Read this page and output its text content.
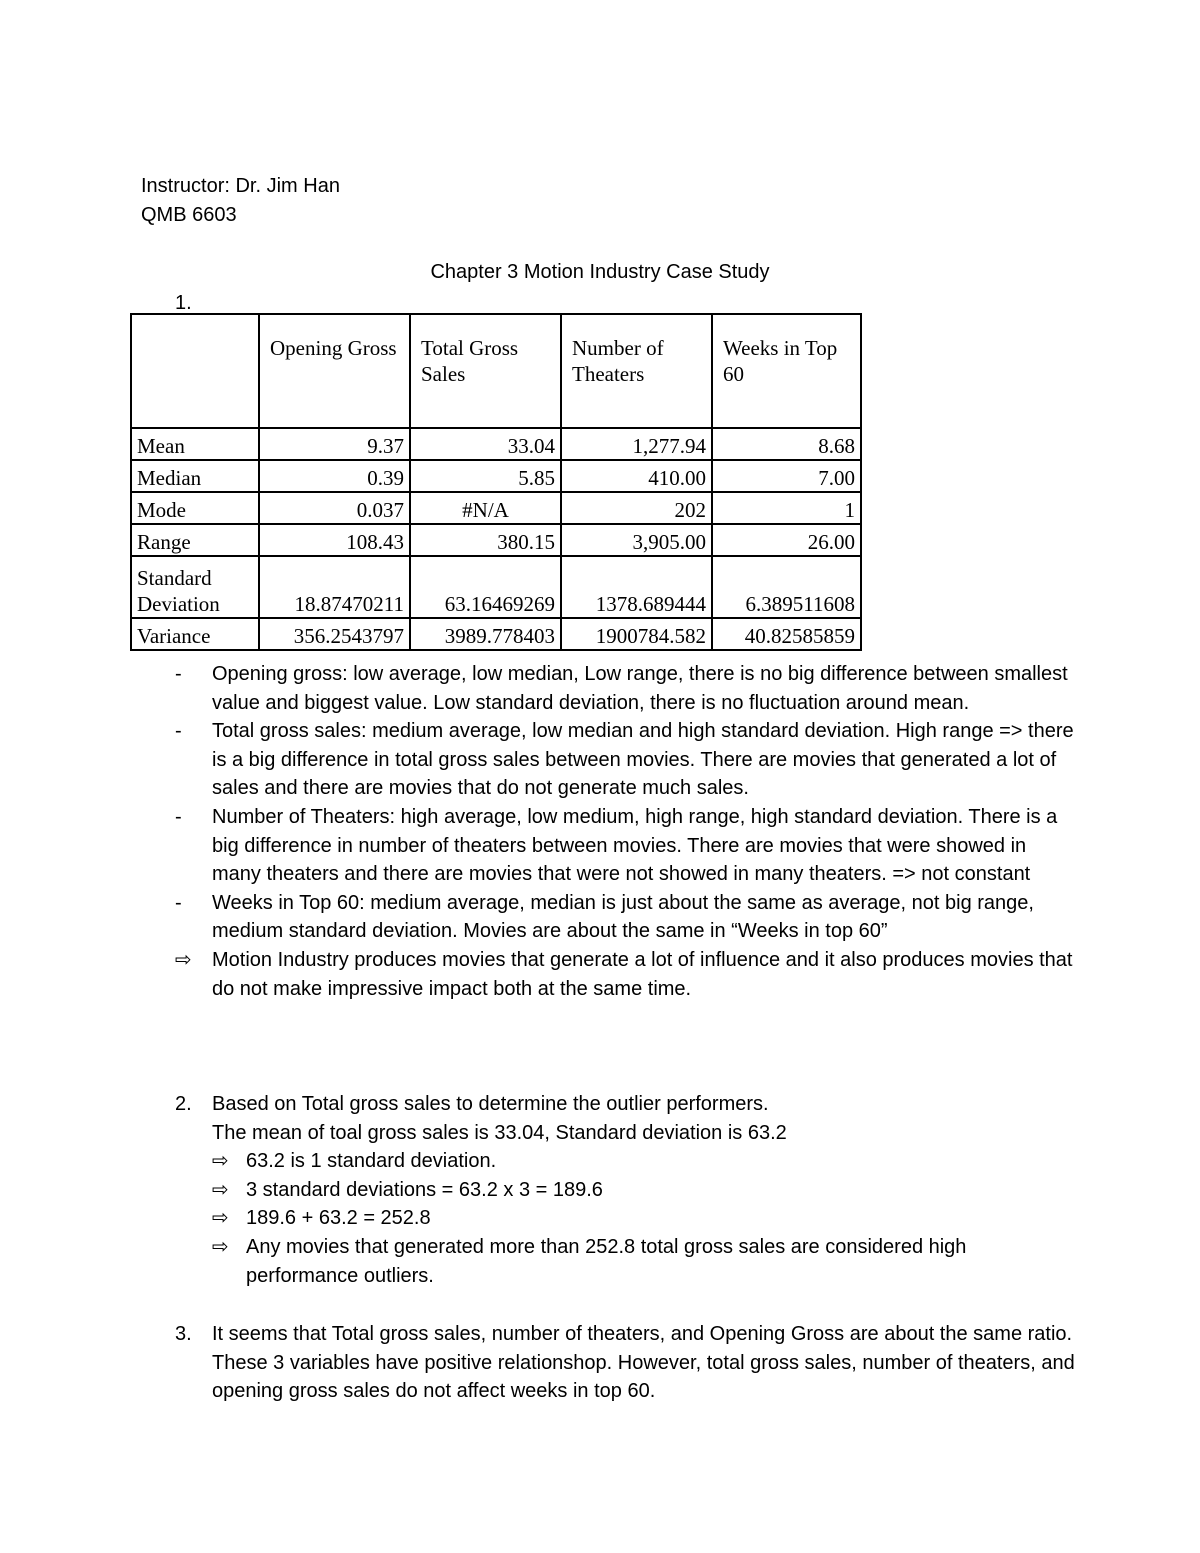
Instructor: Dr. Jim Han
QMB 6603
Chapter 3 Motion Industry Case Study
1.
	Opening Gross	Total Gross Sales	Number of Theaters	Weeks in Top 60
Mean	9.37	33.04	1,277.94	8.68
Median	0.39	5.85	410.00	7.00
Mode	0.037	#N/A	202	1
Range	108.43	380.15	3,905.00	26.00
Standard Deviation	18.87470211	63.16469269	1378.689444	6.389511608
Variance	356.2543797	3989.778403	1900784.582	40.82585859
- Opening gross: low average, low median, Low range, there is no big difference between smallest value and biggest value. Low standard deviation, there is no fluctuation around mean.
- Total gross sales: medium average, low median and high standard deviation. High range => there is a big difference in total gross sales between movies. There are movies that generated a lot of sales and there are movies that do not generate much sales.
- Number of Theaters: high average, low medium, high range, high standard deviation. There is a big difference in number of theaters between movies. There are movies that were showed in many theaters and there are movies that were not showed in many theaters. => not constant
- Weeks in Top 60: medium average, median is just about the same as average, not big range, medium standard deviation. Movies are about the same in “Weeks in top 60”
⇨ Motion Industry produces movies that generate a lot of influence and it also produces movies that do not make impressive impact both at the same time.
2. Based on Total gross sales to determine the outlier performers.
The mean of toal gross sales is 33.04, Standard deviation is 63.2
⇨ 63.2 is 1 standard deviation.
⇨ 3 standard deviations = 63.2 x 3 = 189.6
⇨ 189.6 + 63.2 = 252.8
⇨ Any movies that generated more than 252.8 total gross sales are considered high performance outliers.
3. It seems that Total gross sales, number of theaters, and Opening Gross are about the same ratio. These 3 variables have positive relationshop. However, total gross sales, number of theaters, and opening gross sales do not affect weeks in top 60.
